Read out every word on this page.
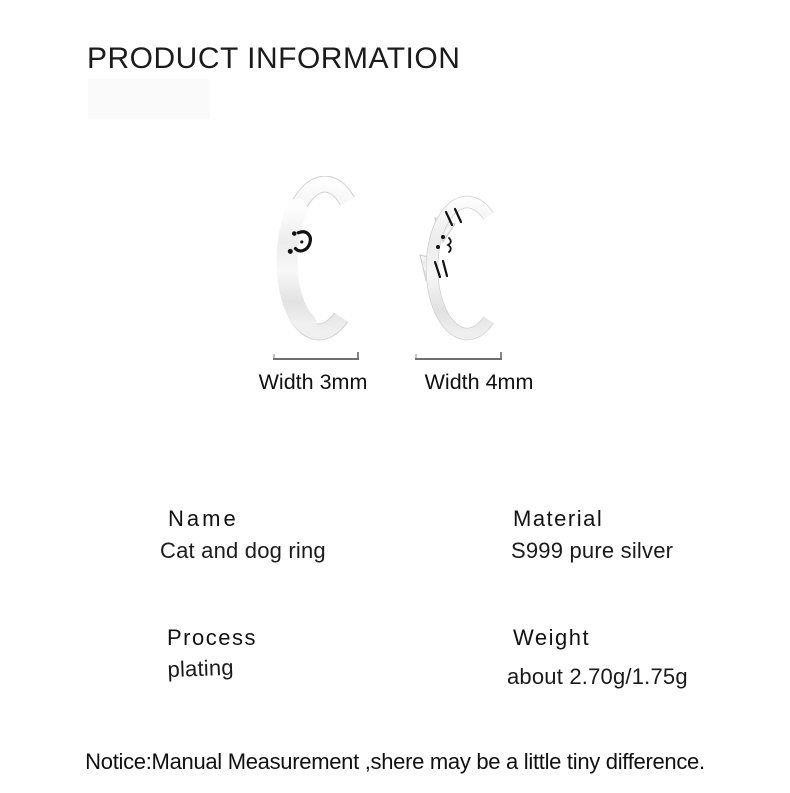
PRODUCT INFORMATION
Width 3mm	Width 4mm
Name
Cat and dog ring
Material
S999 pure silver
Process
plating
Weight
about 2.70g/1.75g
Notice:Manual Measurement ,shere may be a little tiny difference.
